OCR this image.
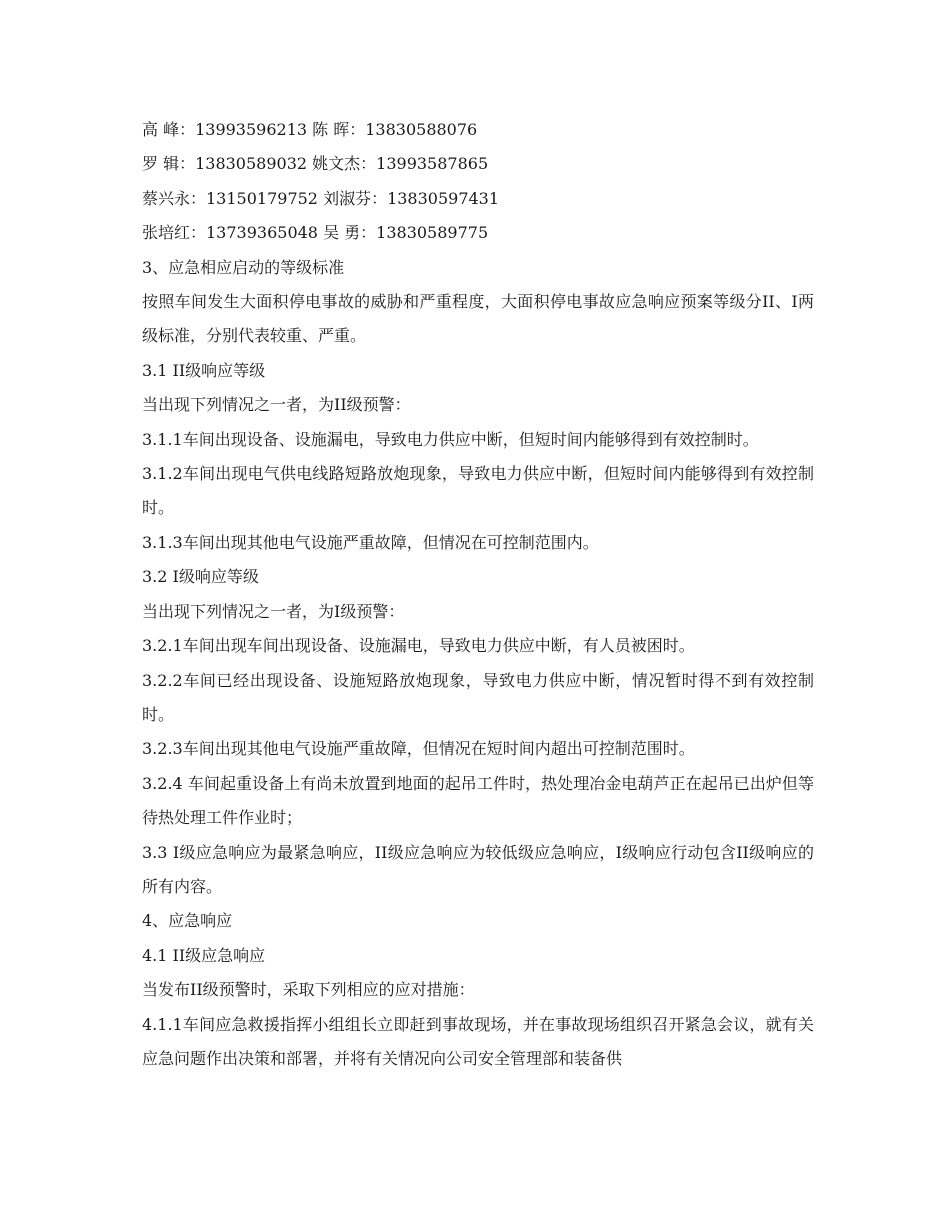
高 峰：13993596213 陈 晖：13830588076

罗 辑：13830589032 姚文杰：13993587865

蔡兴永：13150179752 刘淑芬：13830597431

张培红：13739365048 吴 勇：13830589775

3、应急相应启动的等级标准

按照车间发生大面积停电事故的威胁和严重程度，大面积停电事故应急响应预案等级分II、I两级标准，分别代表较重、严重。

3.1 II级响应等级

当出现下列情况之一者，为II级预警：

3.1.1车间出现设备、设施漏电，导致电力供应中断，但短时间内能够得到有效控制时。

3.1.2车间出现电气供电线路短路放炮现象，导致电力供应中断，但短时间内能够得到有效控制时。

3.1.3车间出现其他电气设施严重故障，但情况在可控制范围内。

3.2 I级响应等级

当出现下列情况之一者，为I级预警：

3.2.1车间出现车间出现设备、设施漏电，导致电力供应中断，有人员被困时。

3.2.2车间已经出现设备、设施短路放炮现象，导致电力供应中断，情况暂时得不到有效控制时。

3.2.3车间出现其他电气设施严重故障，但情况在短时间内超出可控制范围时。

3.2.4 车间起重设备上有尚未放置到地面的起吊工件时，热处理冶金电葫芦正在起吊已出炉但等待热处理工件作业时；

3.3 I级应急响应为最紧急响应，II级应急响应为较低级应急响应，I级响应行动包含II级响应的所有内容。

4、应急响应

4.1 II级应急响应

当发布II级预警时，采取下列相应的应对措施：

4.1.1车间应急救援指挥小组组长立即赶到事故现场，并在事故现场组织召开紧急会议，就有关应急问题作出决策和部署，并将有关情况向公司安全管理部和装备供
